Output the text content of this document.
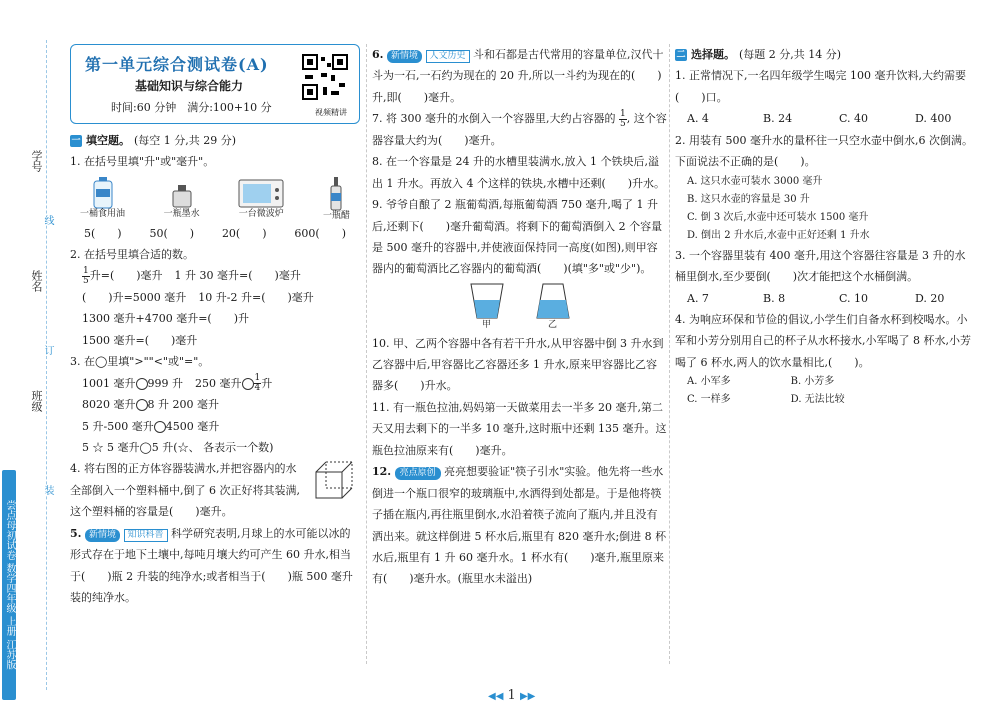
学号
姓名
班级
线
订
装
尝点母初试卷 数学四年级 上册 江苏版
第一单元综合测试卷(A)
基础知识与综合能力
时间:60 分钟　满分:100+10 分	视频精讲
一 填空题。 (每空 1 分,共 29 分)

1. 在括号里填"升"或"毫升"。

一桶食用油	一瓶墨水	一台微波炉	一瓶醋
5(　　)	50(　　)	20(　　)	600(　　)

2. 在括号里填合适的数。

$\frac{1}{5}$ 升=(　　)毫升 1 升 30 毫升=(　　)毫升
(　　)升=5000 毫升 10 升-2 升=(　　)毫升
1300 毫升+4700 毫升=(　　)升
1500 毫升=(　　)毫升

3. 在◯里填">""<"或"="。

1001 毫升 999 升 250 毫升 $\frac{1}{4}$ 升
8020 毫升 8 升 200 毫升
5 升-500 毫升 4500 毫升
5 ☆ 5 毫升◯5 升(☆、 各表示一个数)

4. 将右图的正方体容器装满水,并把容器内的水全部倒入一个塑料桶中,倒了 6 次正好将其装满,这个塑料桶的容量是(　　)毫升。

5. 新情境 知识科普 科学研究表明,月球上的水可能以冰的形式存在于地下土壤中,每吨月壤大约可产生 60 升水,相当于(　　)瓶 2 升装的纯净水;或者相当于(　　)瓶 500 毫升装的纯净水。

6. 新情境 人文历史 斗和石都是古代常用的容量单位,汉代十斗为一石,一石约为现在的 20 升,所以一斗约为现在的(　　)升,即(　　)毫升。

7. 将 300 毫升的水倒入一个容器里,大约占容器的 $\frac{1}{5}$ , 这个容器容量大约为(　　)毫升。

8. 在一个容量是 24 升的水槽里装满水,放入 1 个铁块后,溢出 1 升水。再放入 4 个这样的铁块,水槽中还剩(　　)升水。

9. 爷爷自酿了 2 瓶葡萄酒,每瓶葡萄酒 750 毫升,喝了 1 升后,还剩下(　　)毫升葡萄酒。将剩下的葡萄酒倒入 2 个容量是 500 毫升的容器中,并使液面保持同一高度(如图),则甲容器内的葡萄酒比乙容器内的葡萄酒(　　)(填"多"或"少")。

甲	乙

10. 甲、乙两个容器中各有若干升水,从甲容器中倒 3 升水到乙容器中后,甲容器比乙容器还多 1 升水,原来甲容器比乙容器多(　　)升水。

11. 有一瓶色拉油,妈妈第一天做菜用去一半多 20 毫升,第二天又用去剩下的一半多 10 毫升,这时瓶中还剩 135 毫升。这瓶色拉油原来有(　　)毫升。

12. 亮点原创 亮亮想要验证"筷子引水"实验。他先将一些水倒进一个瓶口很窄的玻璃瓶中,水洒得到处都是。于是他将筷子插在瓶内,再往瓶里倒水,水沿着筷子流向了瓶内,并且没有洒出来。就这样倒进 5 杯水后,瓶里有 820 毫升水;倒进 8 杯水后,瓶里有 1 升 60 毫升水。1 杯水有(　　)毫升,瓶里原来有(　　)毫升水。(瓶里水未溢出)

二 选择题。 (每题 2 分,共 14 分)

1. 正常情况下,一名四年级学生喝完 100 毫升饮料,大约需要(　　)口。

A. 4	B. 24	C. 40	D. 400

2. 用装有 500 毫升水的量杯往一只空水壶中倒水,6 次倒满。下面说法不正确的是(　　)。

A. 这只水壶可装水 3000 毫升
B. 这只水壶的容量是 30 升
C. 倒 3 次后,水壶中还可装水 1500 毫升
D. 倒出 2 升水后,水壶中正好还剩 1 升水

3. 一个容器里装有 400 毫升,用这个容器往容量是 3 升的水桶里倒水,至少要倒(　　)次才能把这个水桶倒满。

A. 7	B. 8	C. 10	D. 20

4. 为响应环保和节俭的倡议,小学生们自备水杯到校喝水。小军和小芳分别用自己的杯子从水杯接水,小军喝了 8 杯水,小芳喝了 6 杯水,两人的饮水量相比,(　　)。

A. 小军多	B. 小芳多
C. 一样多	D. 无法比较
◀◀ 1 ▶▶
